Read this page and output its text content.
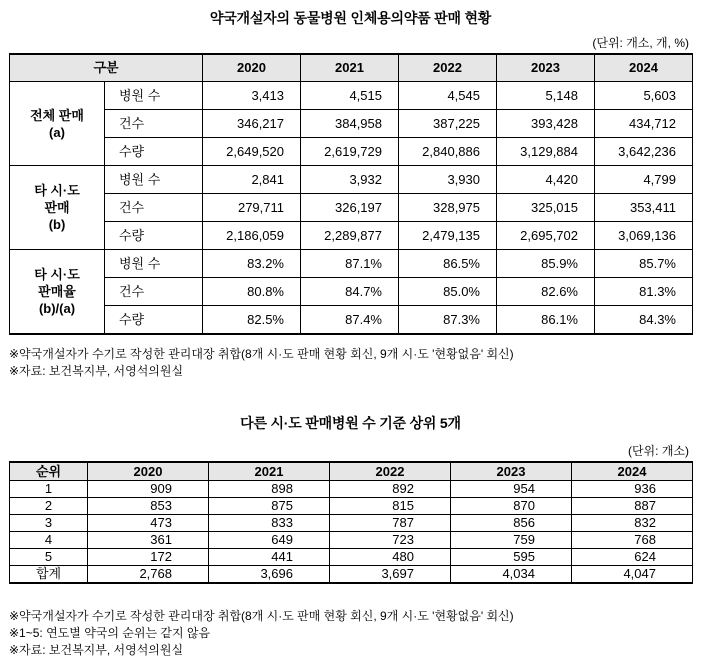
약국개설자의 동물병원 인체용의약품 판매 현황
(단위: 개소, 개, %)
구분		2020	2021	2022	2023	2024

전체 판매
(a)	병원 수	3,413	4,515	4,545	5,148	5,603
	건수	346,217	384,958	387,225	393,428	434,712
	수량	2,649,520	2,619,729	2,840,886	3,129,884	3,642,236

타 시·도
판매
(b)	병원 수	2,841	3,932	3,930	4,420	4,799
	건수	279,711	326,197	328,975	325,015	353,411
	수량	2,186,059	2,289,877	2,479,135	2,695,702	3,069,136

타 시·도
판매율
(b)/(a)	병원 수	83.2%	87.1%	86.5%	85.9%	85.7%
	건수	80.8%	84.7%	85.0%	82.6%	81.3%
	수량	82.5%	87.4%	87.3%	86.1%	84.3%
※약국개설자가 수기로 작성한 관리대장 취합(8개 시·도 판매 현황 회신, 9개 시·도 '현황없음' 회신)
※자료: 보건복지부, 서영석의원실
다른 시·도 판매병원 수 기준 상위 5개
(단위: 개소)
순위	2020	2021	2022	2023	2024
1	909	898	892	954	936
2	853	875	815	870	887
3	473	833	787	856	832
4	361	649	723	759	768
5	172	441	480	595	624
합계	2,768	3,696	3,697	4,034	4,047
※약국개설자가 수기로 작성한 관리대장 취합(8개 시·도 판매 현황 회신, 9개 시·도 '현황없음' 회신)
※1~5: 연도별 약국의 순위는 같지 않음
※자료: 보건복지부, 서영석의원실
